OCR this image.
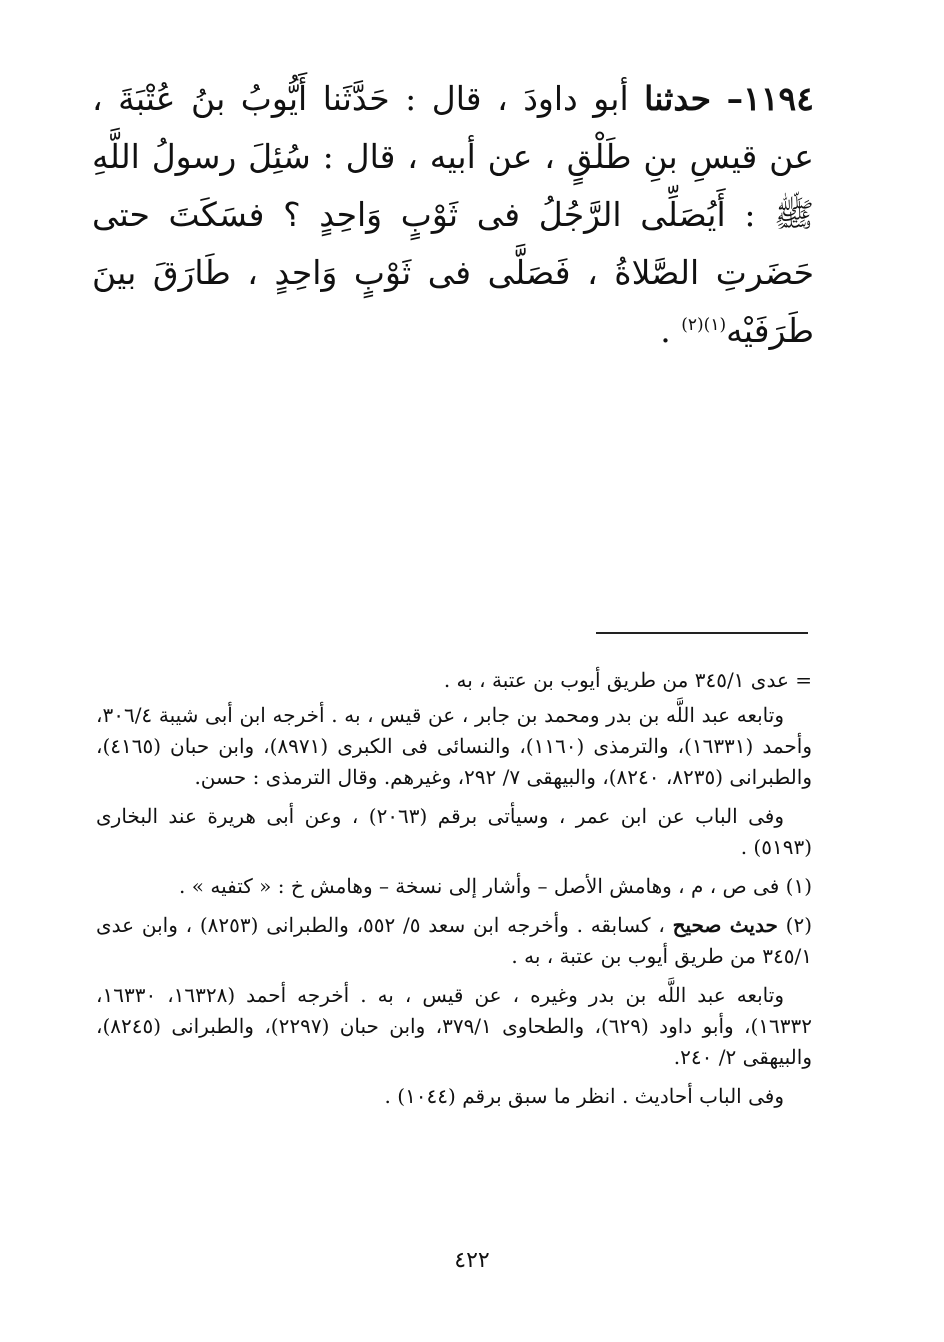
١١٩٤– حدثنا أبو داودَ ، قال : حَدَّثَنا أَيُّوبُ بنُ عُتْبَةَ ، عن قيسِ بنِ طَلْقٍ ، عن أبيه ، قال : سُئِلَ رسولُ اللَّهِ ﷺ : أَيُصَلِّى الرَّجُلُ فى ثَوْبٍ وَاحِدٍ ؟ فسَكَتَ حتى حَضَرتِ الصَّلاةُ ، فَصَلَّى فى ثَوْبٍ وَاحِدٍ ، طَارَقَ بينَ طَرَفَيْه$^{(١)(٢)}$ .

= عدى ٣٤٥/١ من طريق أيوب بن عتبة ، به .

وتابعه عبد اللَّه بن بدر ومحمد بن جابر ، عن قيس ، به . أخرجه ابن أبى شيبة ٣٠٦/٤، وأحمد (١٦٣٣١)، والترمذى (١١٦٠)، والنسائى فى الكبرى (٨٩٧١)، وابن حبان (٤١٦٥)، والطبرانى (٨٢٣٥، ٨٢٤٠)، والبيهقى ٧/ ٢٩٢، وغيرهم. وقال الترمذى : حسن.

وفى الباب عن ابن عمر ، وسيأتى برقم (٢٠٦٣) ، وعن أبى هريرة عند البخارى (٥١٩٣) .

(١) فى ص ، م ، وهامش الأصل – وأشار إلى نسخة – وهامش خ : « كتفيه » .

(٢) حديث صحيح ، كسابقه . وأخرجه ابن سعد ٥/ ٥٥٢، والطبرانى (٨٢٥٣) ، وابن عدى ٣٤٥/١ من طريق أيوب بن عتبة ، به .

وتابعه عبد اللَّه بن بدر وغيره ، عن قيس ، به . أخرجه أحمد (١٦٣٢٨، ١٦٣٣٠، ١٦٣٣٢)، وأبو داود (٦٢٩)، والطحاوى ٣٧٩/١، وابن حبان (٢٢٩٧)، والطبرانى (٨٢٤٥)، والبيهقى ٢/ ٢٤٠.

وفى الباب أحاديث . انظر ما سبق برقم (١٠٤٤) .

٤٢٢
